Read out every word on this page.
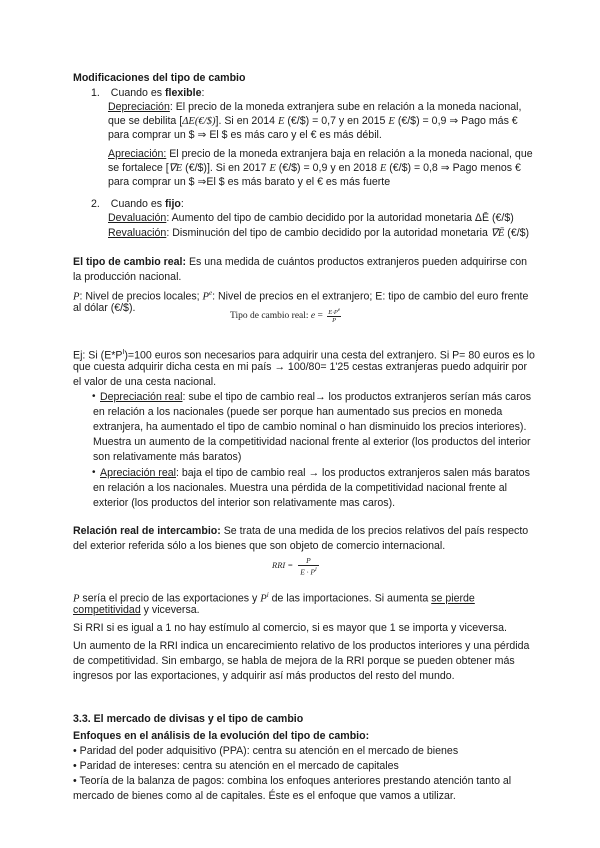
Modificaciones del tipo de cambio
1. Cuando es flexible:
Depreciación: El precio de la moneda extranjera sube en relación a la moneda nacional,
que se debilita [ΔE(€/$)]. Si en 2014 E (€/$) = 0,7 y en 2015 E (€/$) = 0,9 ⇒ Pago más €
para comprar un $ ⇒ El $ es más caro y el € es más débil.
Apreciación: El precio de la moneda extranjera baja en relación a la moneda nacional, que
se fortalece [∇E (€/$)]. Si en 2017 E (€/$) = 0,9 y en 2018 E (€/$) = 0,8 ⇒ Pago menos €
para comprar un $ ⇒El $ es más barato y el € es más fuerte
2. Cuando es fijo:
Devaluación: Aumento del tipo de cambio decidido por la autoridad monetaria ΔĒ (€/$)
Revaluación: Disminución del tipo de cambio decidido por la autoridad monetaria ∇Ē (€/$)
El tipo de cambio real: Es una medida de cuántos productos extranjeros pueden adquirirse con
la producción nacional.
P: Nivel de precios locales; $P^e$: Nivel de precios en el extranjero; E: tipo de cambio del euro frente
al dólar (€/$).
Tipo de cambio real: $e = \frac{E\cdot P^e}{P}$
Ej: Si $(E*P^I)=100$ euros son necesarios para adquirir una cesta del extranjero. Si P= 80 euros es lo
que cuesta adquirir dicha cesta en mi país → 100/80= 1'25 cestas extranjeras puedo adquirir por
el valor de una cesta nacional.
• Depreciación real: sube el tipo de cambio real→ los productos extranjeros serían más caros
en relación a los nacionales (puede ser porque han aumentado sus precios en moneda
extranjera, ha aumentado el tipo de cambio nominal o han disminuido los precios interiores).
Muestra un aumento de la competitividad nacional frente al exterior (los productos del interior
son relativamente más baratos)
• Apreciación real: baja el tipo de cambio real → los productos extranjeros salen más baratos
en relación a los nacionales. Muestra una pérdida de la competitividad nacional frente al
exterior (los productos del interior son relativamente mas caros).
Relación real de intercambio: Se trata de una medida de los precios relativos del país respecto
del exterior referida sólo a los bienes que son objeto de comercio internacional.
RRI = $\frac{P}{E \cdot P^I}$
P sería el precio de las exportaciones y $P^i$ de las importaciones. Si aumenta se pierde
competitividad y viceversa.
Si RRI si es igual a 1 no hay estímulo al comercio, si es mayor que 1 se importa y viceversa.
Un aumento de la RRI indica un encarecimiento relativo de los productos interiores y una pérdida
de competitividad. Sin embargo, se habla de mejora de la RRI porque se pueden obtener más
ingresos por las exportaciones, y adquirir así más productos del resto del mundo.
3.3. El mercado de divisas y el tipo de cambio
Enfoques en el análisis de la evolución del tipo de cambio:
• Paridad del poder adquisitivo (PPA): centra su atención en el mercado de bienes
• Paridad de intereses: centra su atención en el mercado de capitales
• Teoría de la balanza de pagos: combina los enfoques anteriores prestando atención tanto al
mercado de bienes como al de capitales. Éste es el enfoque que vamos a utilizar.
